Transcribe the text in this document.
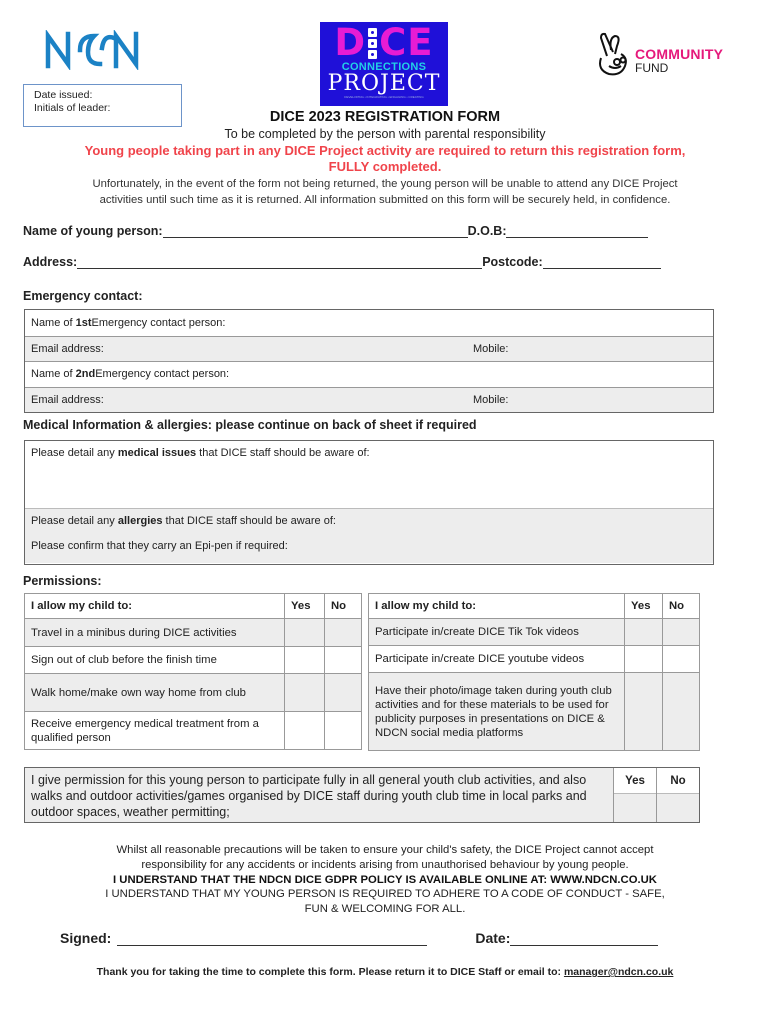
D CE
CONNECTIONS
PROJECT
DEVELOPING • INTEGRATING • ENGAGING • CREATING
COMMUNITY
FUND
Date issued:
Initials of leader:
DICE 2023 REGISTRATION FORM
To be completed by the person with parental responsibility
Young people taking part in any DICE Project activity are required to return this registration form,
FULLY completed.
Unfortunately, in the event of the form not being returned, the young person will be unable to attend any DICE Project
activities until such time as it is returned. All information submitted on this form will be securely held, in confidence.
Name of young person:	D.O.B:
Address:	Postcode:
Emergency contact:
Name of
1st Emergency contact person:
Email address:	Mobile:
Name of
2nd Emergency contact person:
Email address:	Mobile:
Medical Information & allergies: please continue on back of sheet if required
Please detail any medical issues that DICE staff should be aware of:
Please detail any allergies that DICE staff should be aware of:
Please confirm that they carry an Epi-pen if required:
Permissions:
I allow my child to:	Yes	No
Travel in a minibus during DICE activities		
Sign out of club before the finish time		
Walk home/make own way home from club		
Receive emergency medical treatment from a qualified person		
I allow my child to:	Yes	No
Participate in/create DICE Tik Tok videos		
Participate in/create DICE youtube videos		
Have their photo/image taken during youth club activities and for these materials to be used for publicity purposes in presentations on DICE & NDCN social media platforms		
I give permission for this young person to participate fully in all general youth club activities, and also walks and outdoor activities/games organised by DICE staff during youth club time in local parks and outdoor spaces, weather permitting;
Yes	No
Whilst all reasonable precautions will be taken to ensure your child's safety, the DICE Project cannot accept
responsibility for any accidents or incidents arising from unauthorised behaviour by young people.
I UNDERSTAND THAT THE NDCN DICE GDPR POLICY IS AVAILABLE ONLINE AT: WWW.NDCN.CO.UK
I UNDERSTAND THAT MY YOUNG PERSON IS REQUIRED TO ADHERE TO A CODE OF CONDUCT - SAFE,
FUN & WELCOMING FOR ALL.
Signed:	Date:
Thank you for taking the time to complete this form. Please return it to DICE Staff or email to: manager@ndcn.co.uk
